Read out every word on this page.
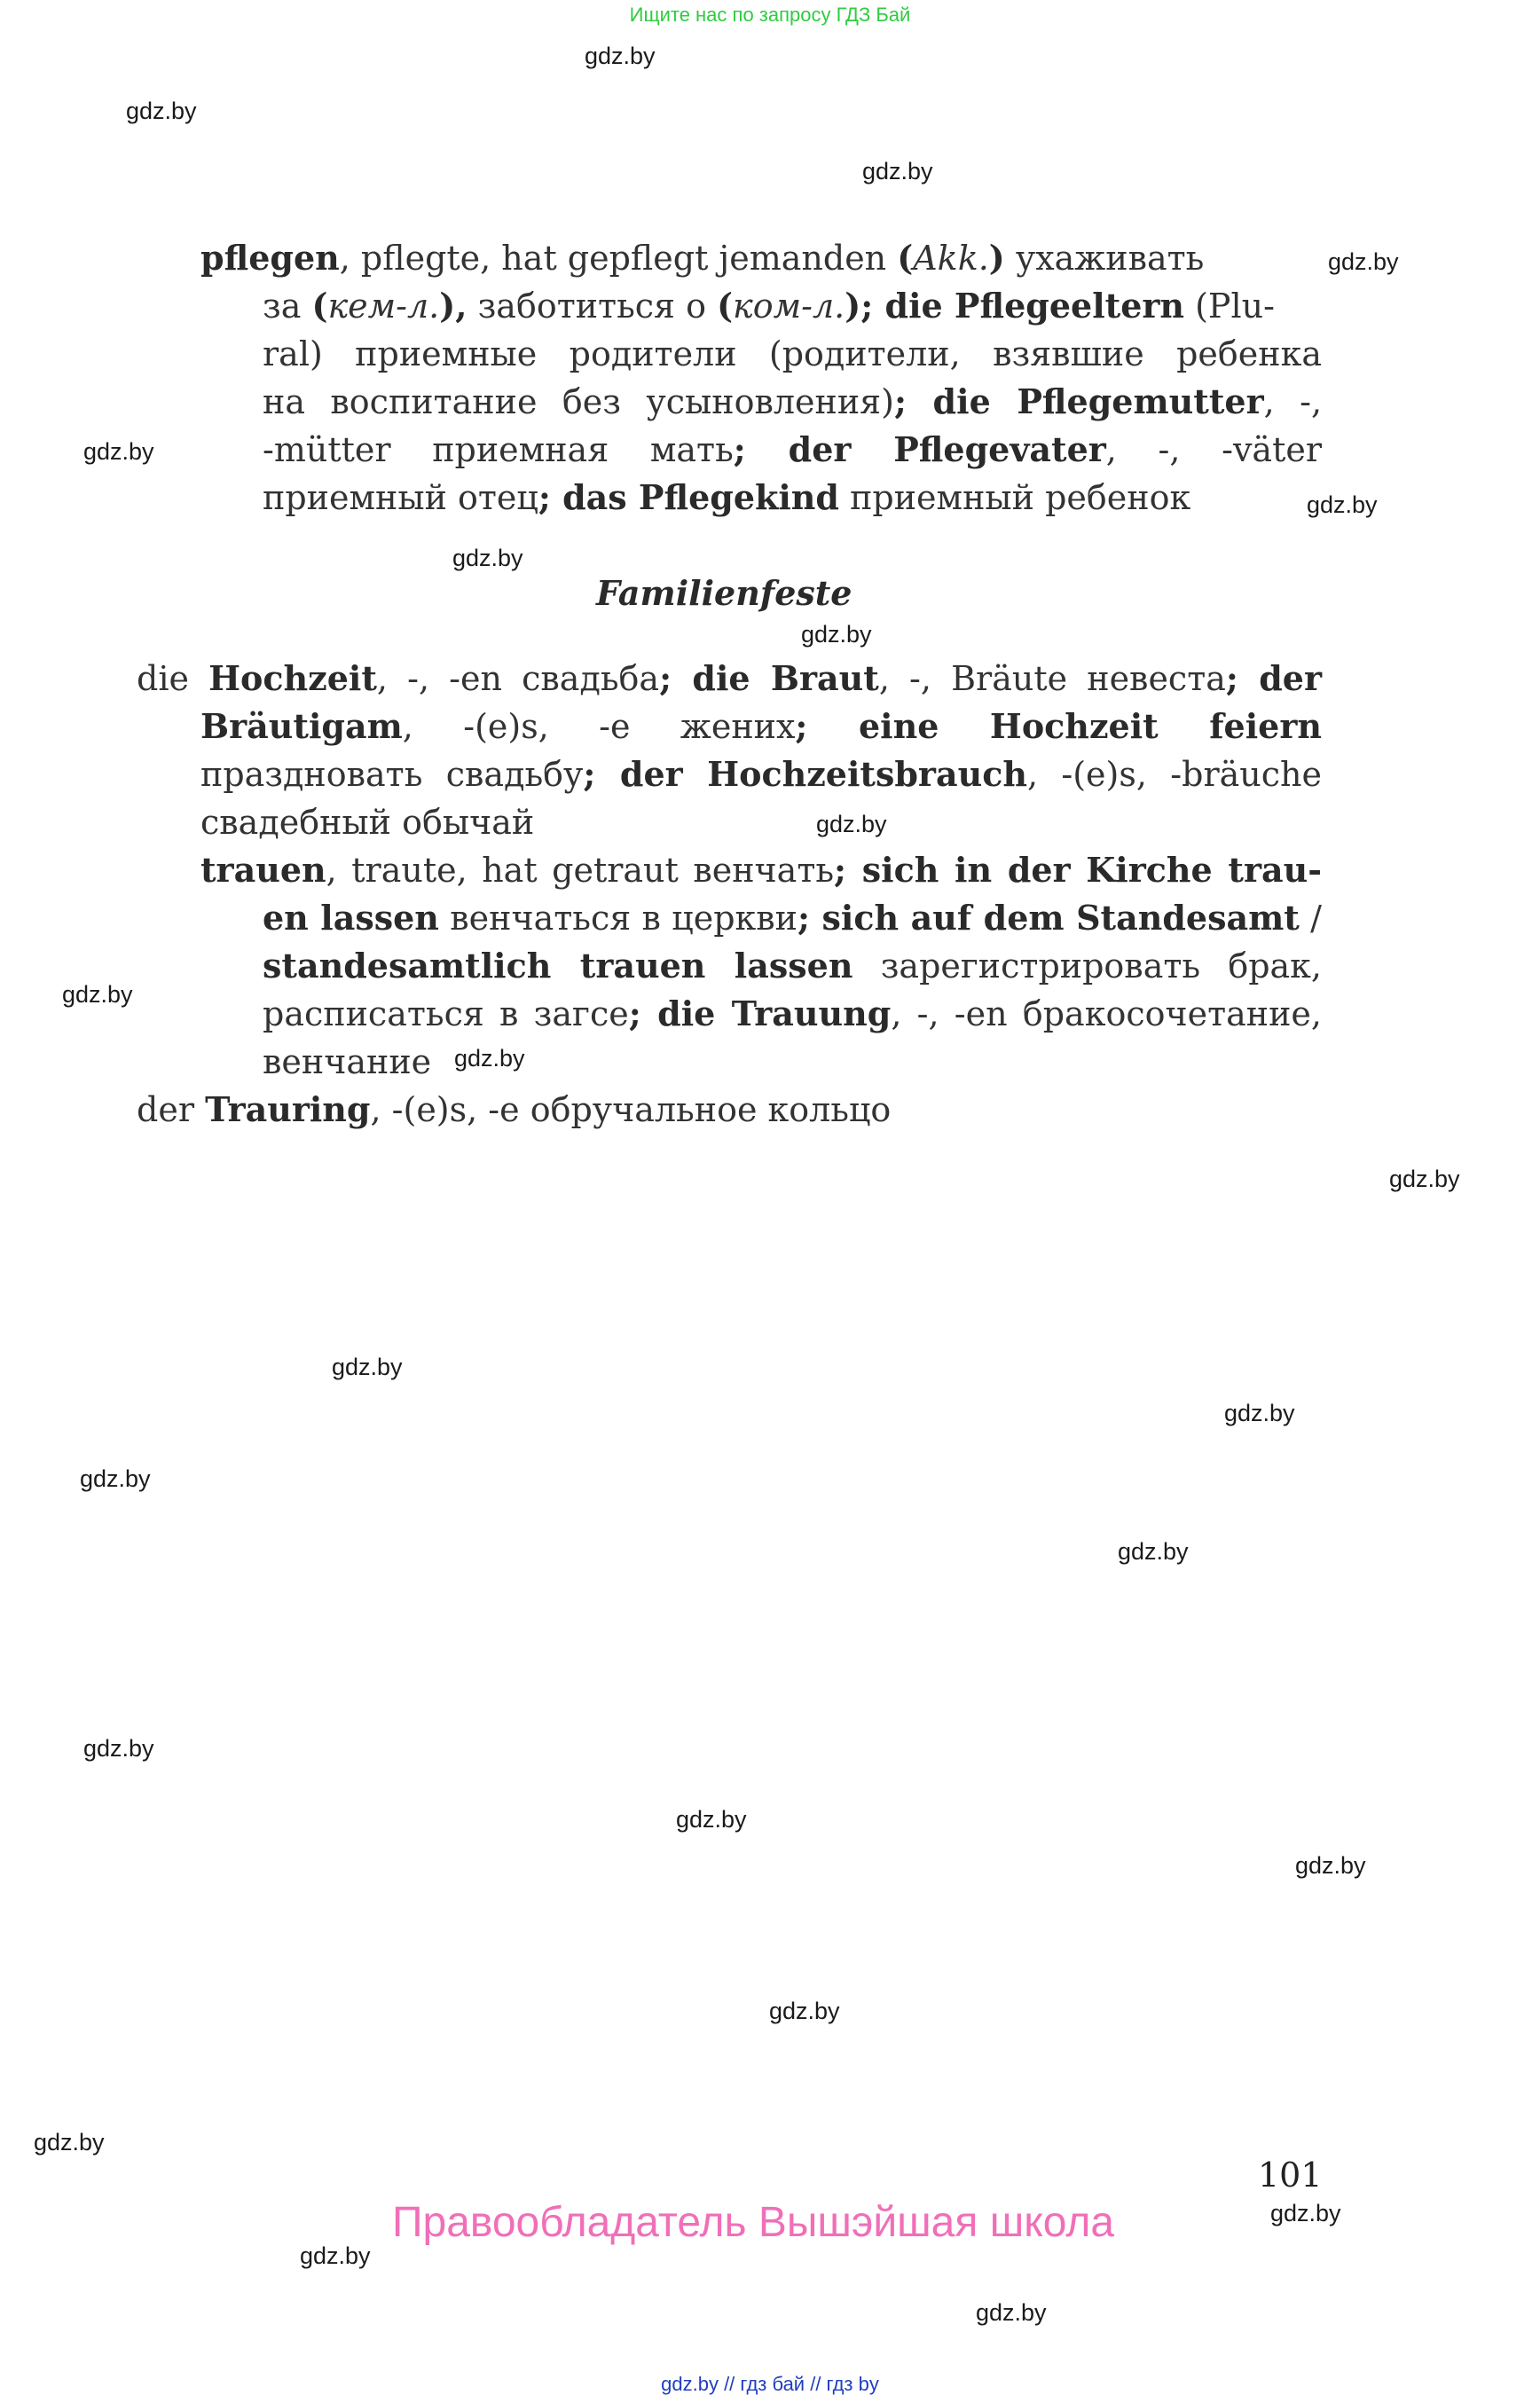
Ищите нас по запросу ГДЗ Бай
pflegen, pflegte, hat gepflegt jemanden (Akk.) ухаживать
за (кем-л.), заботиться о (ком-л.); die Pflegeeltern (Plu-
ral) приемные родители (родители, взявшие ребенка
на воспитание без усыновления); die Pflegemutter, -,
-mütter приемная мать; der Pflegevater, -, -väter
приемный отец; das Pflegekind приемный ребенок
Familienfeste
die Hochzeit, -, -en свадьба; die Braut, -, Bräute невеста; der
Bräutigam, -(e)s, -e жених; eine Hochzeit feiern
праздновать свадьбу; der Hochzeitsbrauch, -(e)s, -bräuche
свадебный обычай
trauen, traute, hat getraut венчать; sich in der Kirche trau-
en lassen венчаться в церкви; sich auf dem Standesamt /
standesamtlich trauen lassen зарегистрировать брак,
расписаться в загсе; die Trauung, -, -en бракосочетание,
венчание
der Trauring, -(e)s, -e обручальное кольцо
gdz.by
gdz.by
gdz.by
gdz.by
gdz.by
gdz.by
gdz.by
gdz.by
gdz.by
gdz.by
gdz.by
gdz.by
gdz.by
gdz.by
gdz.by
gdz.by
gdz.by
gdz.by
gdz.by
gdz.by
gdz.by
gdz.by
gdz.by
gdz.by
101
Правообладатель Вышэйшая школа
gdz.by // гдз бай // гдз by
